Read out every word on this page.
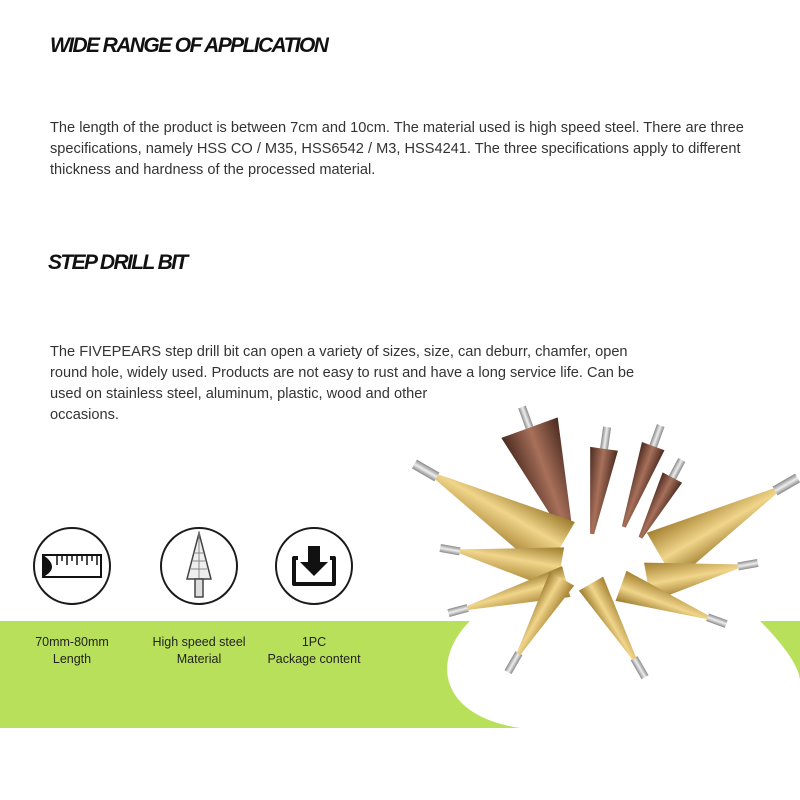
WIDE RANGE OF APPLICATION

The length of the product is between 7cm and 10cm. The material used is high speed steel. There are three specifications, namely HSS CO / M35, HSS6542 / M3, HSS4241. The three specifications apply to different thickness and hardness of the processed material.

STEP DRILL BIT

The FIVEPEARS step drill bit can open a variety of sizes, size, can deburr, chamfer, open
round hole, widely used. Products are not easy to rust and have a long service life. Can be
used on stainless steel, aluminum, plastic, wood and other
occasions.

70mm-80mm
Length
High speed steel
Material
1PC
Package content
